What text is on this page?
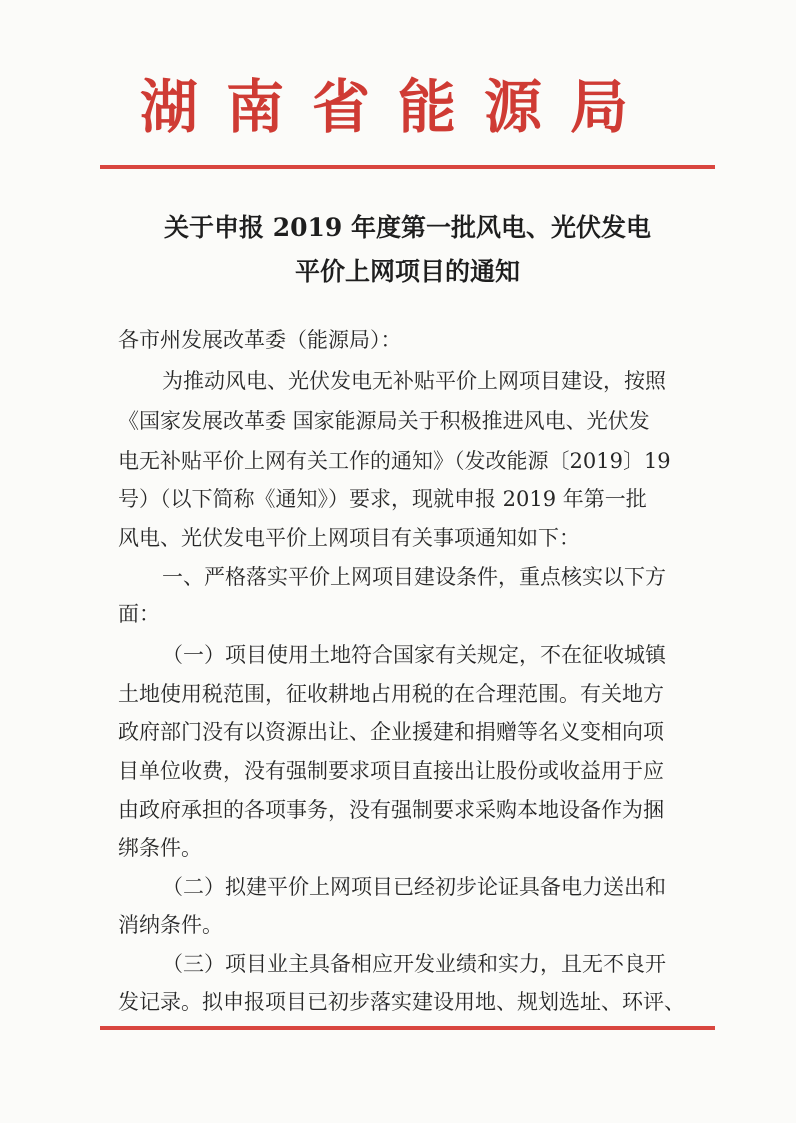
湖南省能源局
关于申报 2019 年度第一批风电、光伏发电
平价上网项目的通知
各市州发展改革委（能源局）：
为推动风电、光伏发电无补贴平价上网项目建设，按照
《国家发展改革委 国家能源局关于积极推进风电、光伏发
电无补贴平价上网有关工作的通知》（发改能源〔2019〕19
号）（以下简称《通知》）要求，现就申报 2019 年第一批
风电、光伏发电平价上网项目有关事项通知如下：
一、严格落实平价上网项目建设条件，重点核实以下方
面：
（一）项目使用土地符合国家有关规定，不在征收城镇
土地使用税范围，征收耕地占用税的在合理范围。有关地方
政府部门没有以资源出让、企业援建和捐赠等名义变相向项
目单位收费，没有强制要求项目直接出让股份或收益用于应
由政府承担的各项事务，没有强制要求采购本地设备作为捆
绑条件。
（二）拟建平价上网项目已经初步论证具备电力送出和
消纳条件。
（三）项目业主具备相应开发业绩和实力，且无不良开
发记录。拟申报项目已初步落实建设用地、规划选址、环评、
